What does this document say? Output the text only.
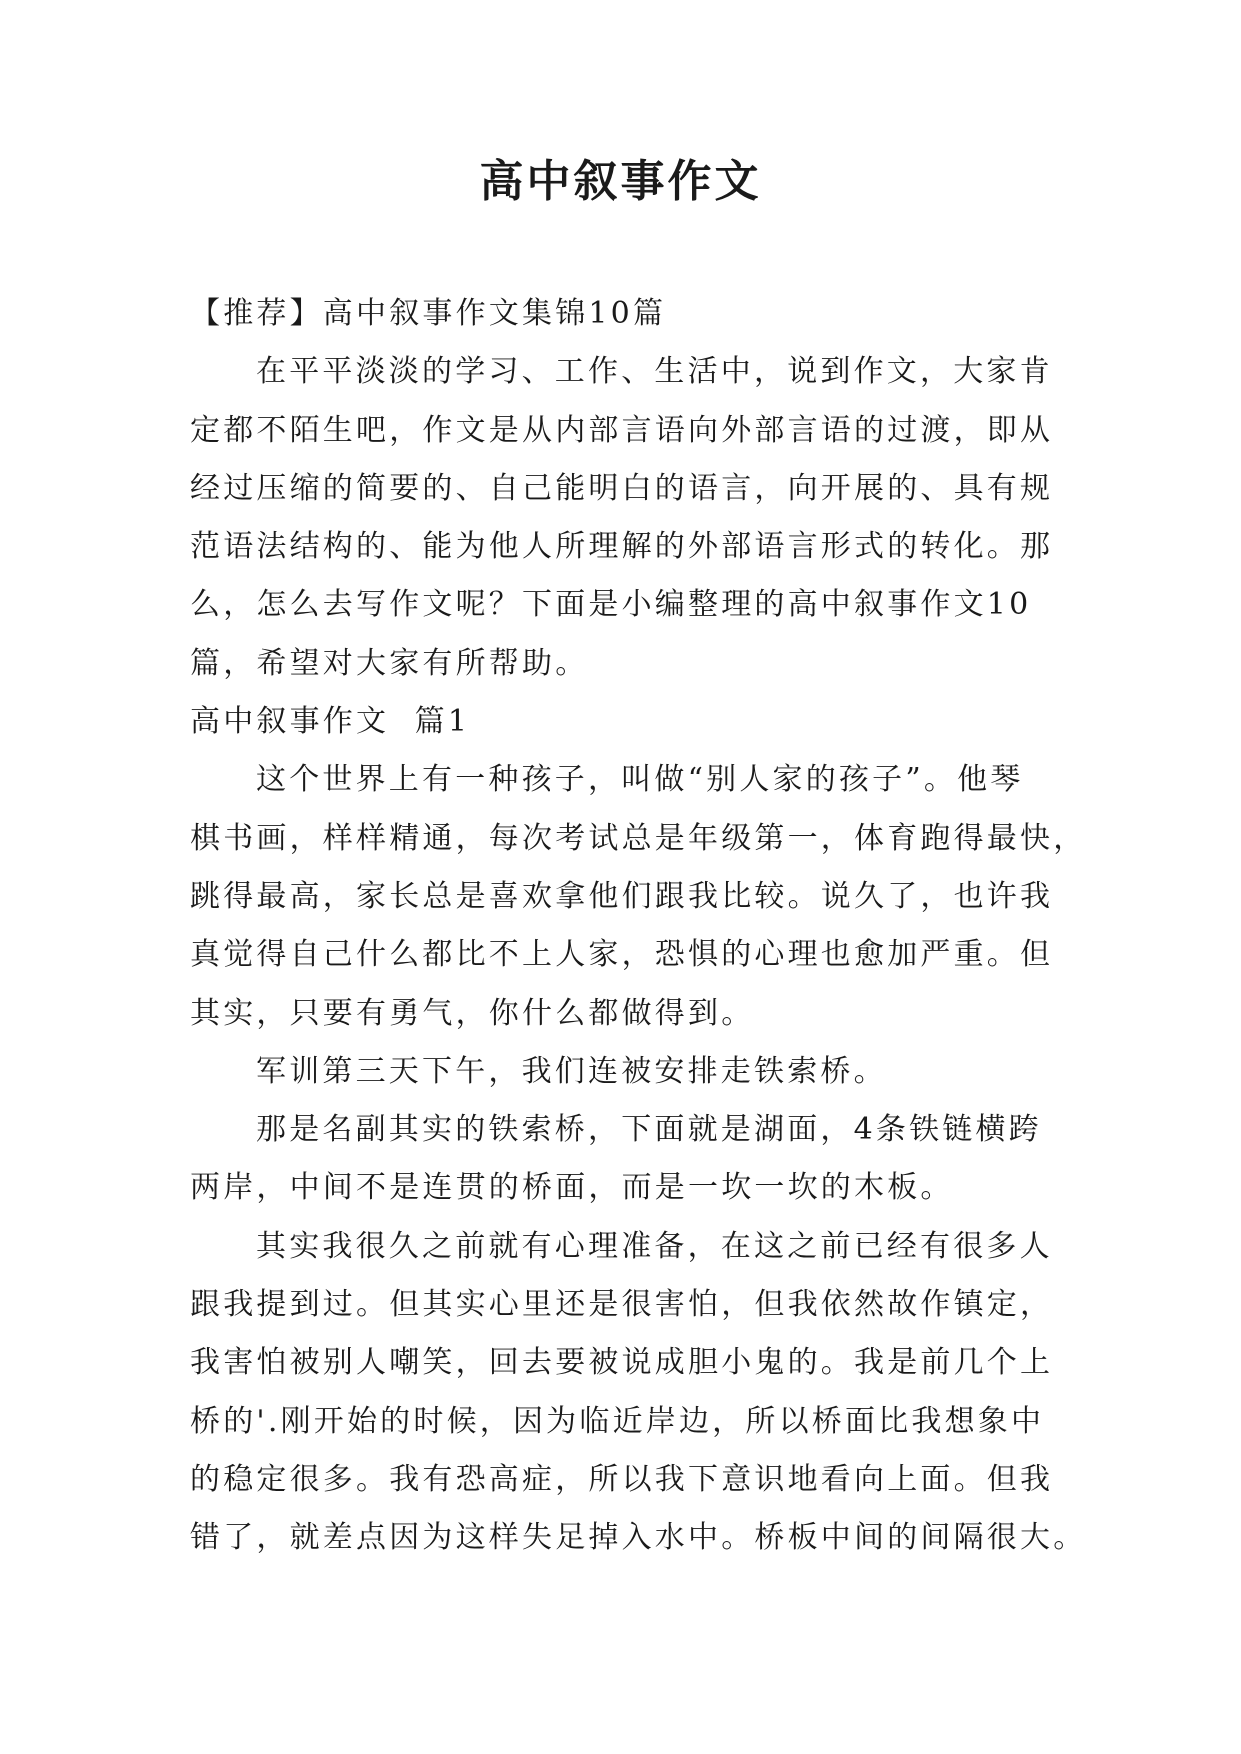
高中叙事作文

【推荐】高中叙事作文集锦10篇

在平平淡淡的学习、工作、生活中，说到作文，大家肯
定都不陌生吧，作文是从内部言语向外部言语的过渡，即从
经过压缩的简要的、自己能明白的语言，向开展的、具有规
范语法结构的、能为他人所理解的外部语言形式的转化。那
么，怎么去写作文呢？下面是小编整理的高中叙事作文10
篇，希望对大家有所帮助。

高中叙事作文  篇1

这个世界上有一种孩子，叫做“别人家的孩子”。他琴
棋书画，样样精通，每次考试总是年级第一，体育跑得最快，
跳得最高，家长总是喜欢拿他们跟我比较。说久了，也许我
真觉得自己什么都比不上人家，恐惧的心理也愈加严重。但
其实，只要有勇气，你什么都做得到。

军训第三天下午，我们连被安排走铁索桥。

那是名副其实的铁索桥，下面就是湖面，4条铁链横跨
两岸，中间不是连贯的桥面，而是一坎一坎的木板。

其实我很久之前就有心理准备，在这之前已经有很多人
跟我提到过。但其实心里还是很害怕，但我依然故作镇定，
我害怕被别人嘲笑，回去要被说成胆小鬼的。我是前几个上
桥的'.刚开始的时候，因为临近岸边，所以桥面比我想象中
的稳定很多。我有恐高症，所以我下意识地看向上面。但我
错了，就差点因为这样失足掉入水中。桥板中间的间隔很大。
